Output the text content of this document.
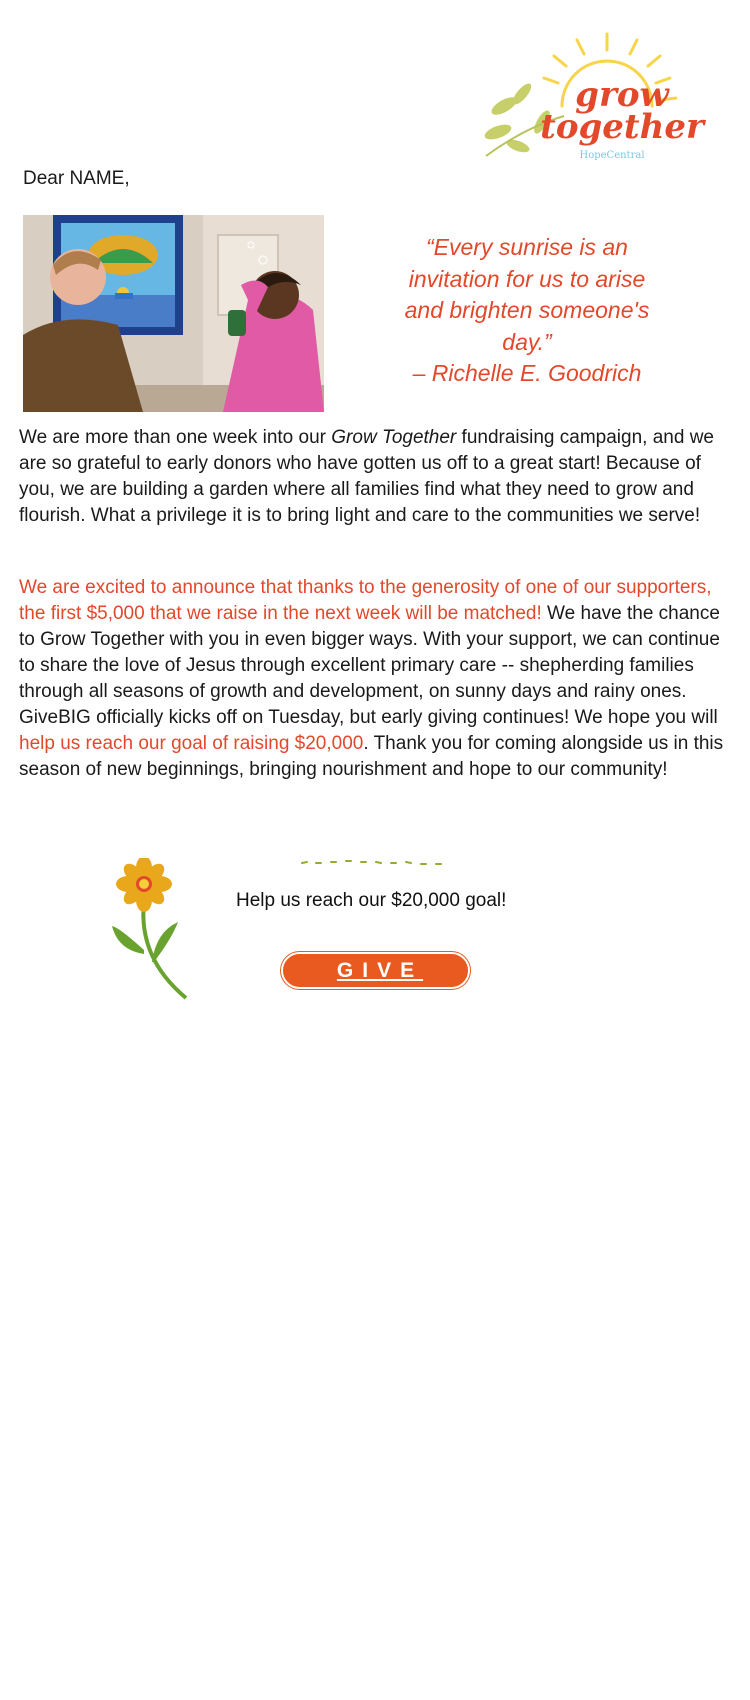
grow
together
HopeCentral
Dear NAME,
“Every sunrise is an
invitation for us to arise
and brighten someone's
day.”
– Richelle E. Goodrich

We are more than one week into our Grow Together fundraising campaign, and we are so grateful to early donors who have gotten us off to a great start! Because of you, we are building a garden where all families find what they need to grow and flourish. What a privilege it is to bring light and care to the communities we serve!

We are excited to announce that thanks to the generosity of one of our supporters, the first $5,000 that we raise in the next week will be matched! We have the chance to Grow Together with you in even bigger ways. With your support, we can continue to share the love of Jesus through excellent primary care -- shepherding families through all seasons of growth and development, on sunny days and rainy ones. GiveBIG officially kicks off on Tuesday, but early giving continues! We hope you will help us reach our goal of raising $20,000. Thank you for coming alongside us in this season of new beginnings, bringing nourishment and hope to our community!

Help us reach our $20,000 goal!
GIVE
